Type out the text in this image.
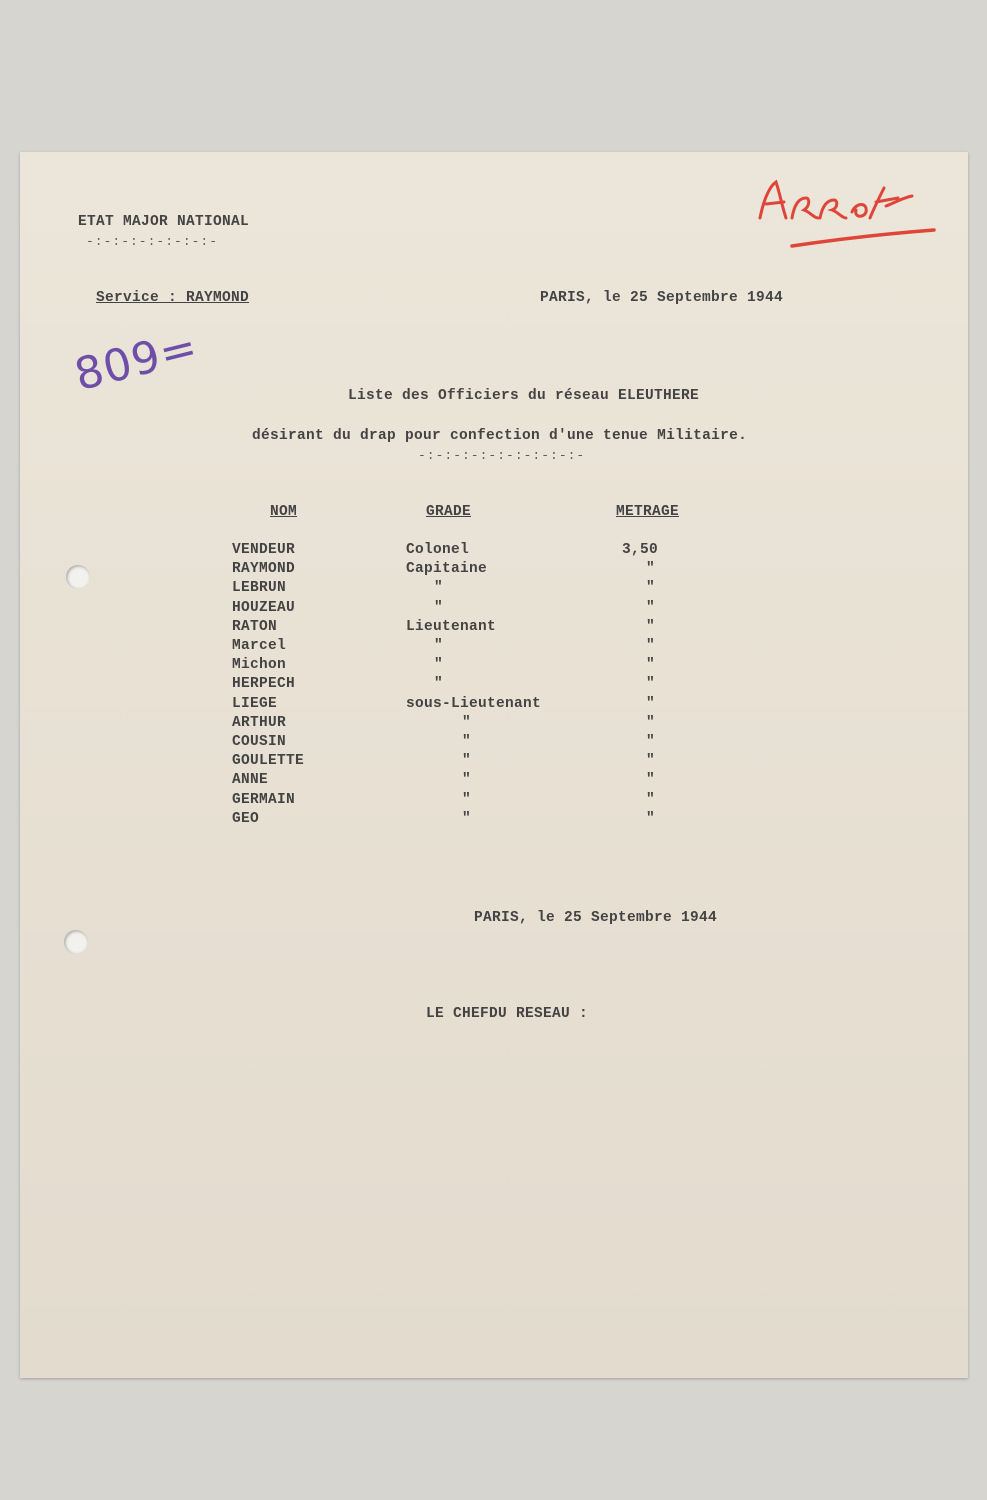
ETAT MAJOR NATIONAL
-:-:-:-:-:-:-:-
Service : RAYMOND	PARIS, le 25 Septembre 1944
809=	Liste des Officiers du réseau ELEUTHERE
désirant du drap pour confection d'une tenue Militaire.
-:-:-:-:-:-:-:-:-:-
NOM	GRADE	METRAGE
VENDEUR	Colonel	3,50
RAYMOND	Capitaine	"
LEBRUN	"	"
HOUZEAU	"	"
RATON	Lieutenant	"
Marcel	"	"
Michon	"	"
HERPECH	"	"
LIEGE	sous-Lieutenant	"
ARTHUR	"	"
COUSIN	"	"
GOULETTE	"	"
ANNE	"	"
GERMAIN	"	"
GEO	"	"
PARIS, le 25 Septembre 1944
LE CHEFDU RESEAU :
